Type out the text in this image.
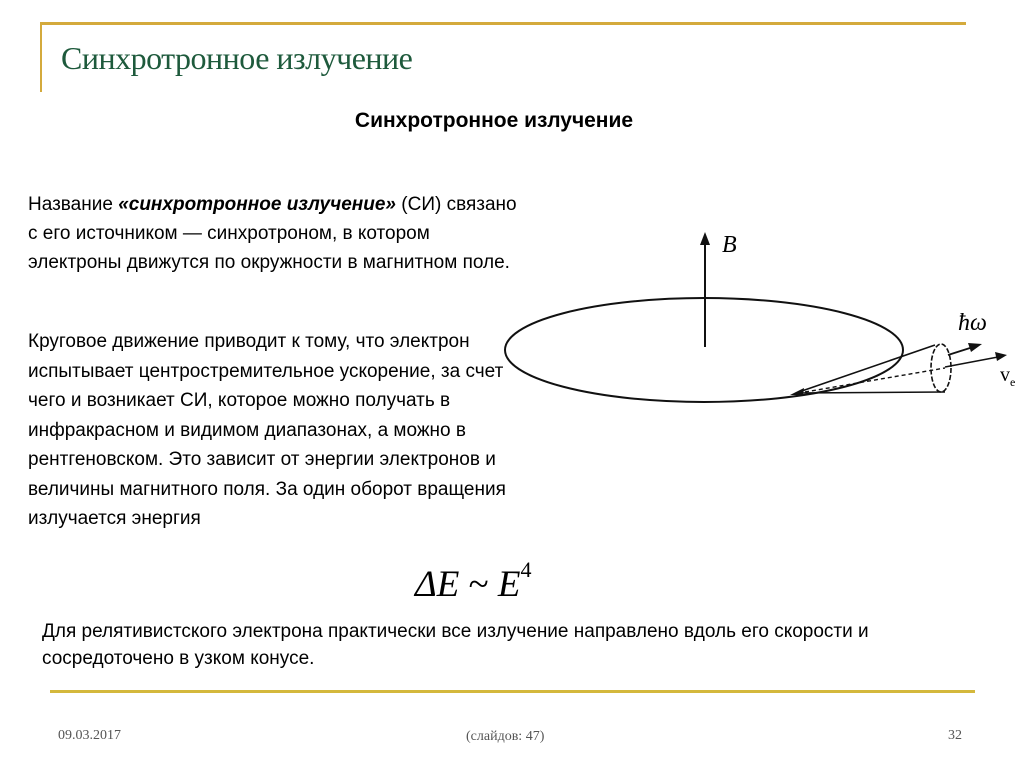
Синхротронное излучение
Синхротронное излучение
Название «синхротронное излучение» (СИ) связано с его источником — синхротроном, в котором электроны движутся по окружности в магнитном поле.
Круговое движение приводит к тому, что электрон испытывает центростремительное ускорение, за счет чего и возникает СИ, которое можно получать в инфракрасном и видимом диапазонах, а можно в рентгеновском. Это зависит от энергии электронов и величины магнитного поля. За один оборот вращения излучается энергия
ΔE ~ $E^4$
Для релятивистского электрона практически все излучение направлено вдоль его скорости и сосредоточено в узком конусе.
B
ħω
$v_e$
09.03.2017	(слайдов: 47)	32
